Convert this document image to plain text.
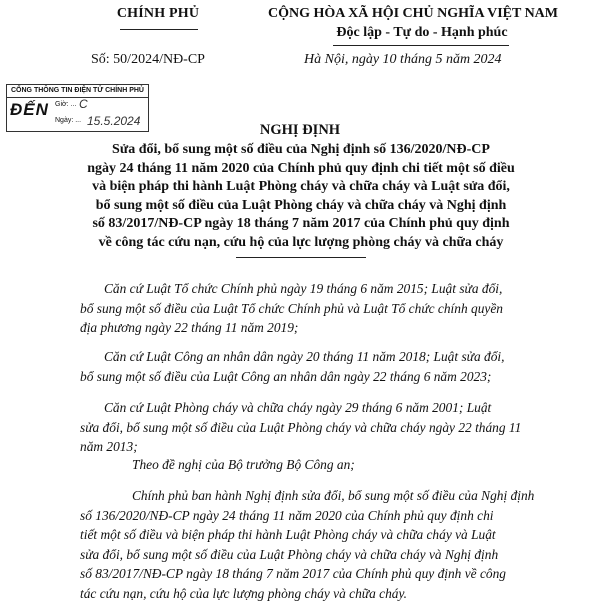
CHÍNH PHỦ	CỘNG HÒA XÃ HỘI CHỦ NGHĨA VIỆT NAM
Độc lập - Tự do - Hạnh phúc
Số: 50/2024/NĐ-CP	Hà Nội, ngày 10 tháng 5 năm 2024
CỔNG THÔNG TIN ĐIỆN TỬ CHÍNH PHỦ
ĐẾN Giờ: ... C
Ngày: ... 15.5.2024
NGHỊ ĐỊNH
Sửa đổi, bổ sung một số điều của Nghị định số 136/2020/NĐ-CP
ngày 24 tháng 11 năm 2020 của Chính phủ quy định chi tiết một số điều
và biện pháp thi hành Luật Phòng cháy và chữa cháy và Luật sửa đổi,
bổ sung một số điều của Luật Phòng cháy và chữa cháy và Nghị định
số 83/2017/NĐ-CP ngày 18 tháng 7 năm 2017 của Chính phủ quy định
về công tác cứu nạn, cứu hộ của lực lượng phòng cháy và chữa cháy
Căn cứ Luật Tổ chức Chính phủ ngày 19 tháng 6 năm 2015; Luật sửa đổi,
bổ sung một số điều của Luật Tổ chức Chính phủ và Luật Tổ chức chính quyền
địa phương ngày 22 tháng 11 năm 2019;
Căn cứ Luật Công an nhân dân ngày 20 tháng 11 năm 2018; Luật sửa đổi,
bổ sung một số điều của Luật Công an nhân dân ngày 22 tháng 6 năm 2023;
Căn cứ Luật Phòng cháy và chữa cháy ngày 29 tháng 6 năm 2001; Luật
sửa đổi, bổ sung một số điều của Luật Phòng cháy và chữa cháy ngày 22 tháng 11
năm 2013;
Theo đề nghị của Bộ trưởng Bộ Công an;
Chính phủ ban hành Nghị định sửa đổi, bổ sung một số điều của Nghị định
số 136/2020/NĐ-CP ngày 24 tháng 11 năm 2020 của Chính phủ quy định chi
tiết một số điều và biện pháp thi hành Luật Phòng cháy và chữa cháy và Luật
sửa đổi, bổ sung một số điều của Luật Phòng cháy và chữa cháy và Nghị định
số 83/2017/NĐ-CP ngày 18 tháng 7 năm 2017 của Chính phủ quy định về công
tác cứu nạn, cứu hộ của lực lượng phòng cháy và chữa cháy.
